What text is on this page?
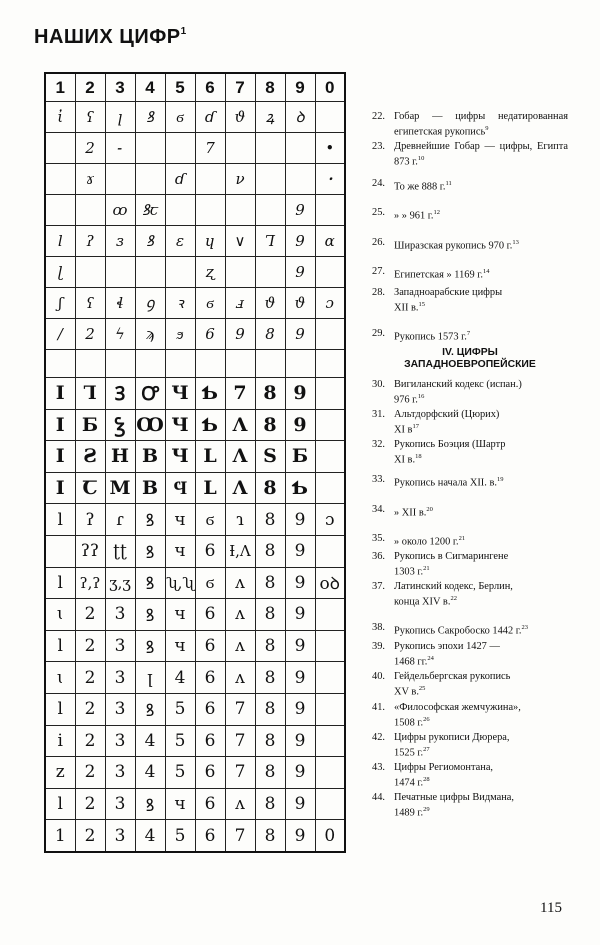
НАШИХ ЦИФР$^1$
1	2	3	4	5	6	7	8	9	0
ἰ	ʕ	ꞁ	ꝸ	ϭ	ɗ	ϑ	ꝝ	ꝺ	
	2	˗			7				•
	ɤ			ɗ		ν			ꞏ
		ꝏ	ꝸꞇ					9	
l	ʔ	ɜ	ꝸ	ɛ	ɥ	∨	Ꞁ	9	ɑ
ɭ					ʐ			9	
ʃ	ʕ	ɬ	ꝯ	ꝛ	ϭ	ⅎ	ϑ	ϑ	ɔ
/	2	ϟ	ϡ	ϧ	6	9	8	9	

I	Ꞁ	Ꝫ	Ꝍ	Ч	Ƅ	7	8	9	
I	Ƃ	Ꝣ	Ꝏ	Ч	Ƅ	Λ	8	9	
I	Ƨ	H	B	Ч	L	Λ	S	Ƃ	
I	Ꞇ	M	B	Ϥ	L	Λ	8	Ƅ	
l	ʔ	ɾ	ꝸ	ч	ϭ	ɿ	8	9	ɔ
	ʔʔ	ʈʈ	ꝸ	ч	6	Ɨ,Ʌ	8	9	
l	ʔ,ʔ	ʒ,ʒ	ꝸ	ʯ,ʯ	ϭ	ʌ	8	9	oꝺ
ɩ	2	3	ꝸ	ч	6	ʌ	8	9	
l	2	3	ꝸ	ч	6	ʌ	8	9	
ɩ	2	3	ꞁ	4	6	ʌ	8	9	
l	2	3	ꝸ	5	6	7	8	9	
i	2	3	4	5	6	7	8	9	
z	2	3	4	5	6	7	8	9	
l	2	3	ꝸ	ч	6	ʌ	8	9	
1	2	3	4	5	6	7	8	9	0
22. Гобар — цифры недатированная египетская рукопись$^9$
23. Древнейшие Гобар — цифры, Египта 873 г.$^{10}$
24. То же 888 г.$^{11}$
25. » » 961 г.$^{12}$
26. Ширазская рукопись 970 г.$^{13}$
27. Египетская » 1169 г.$^{14}$
28. Западноарабские цифры
XII в.$^{15}$
29. Рукопись 1573 г.$^7$
30. Вигиланский кодекс (испан.)
976 г.$^{16}$
31. Альтдорфский (Цюрих)
XI $в^{17}$
32. Рукопись Боэция (Шартр
XI в.$^{18}$
33. Рукопись начала XII. в.$^{19}$
34. » XII в.$^{20}$
35. » около 1200 г.$^{21}$
36. Рукопись в Сигмарингене
1303 г.$^{21}$
37. Латинский кодекс, Берлин,
конца XIV в.$^{22}$
38. Рукопись Сакробоско 1442 г.$^{23}$
39. Рукопись эпохи 1427 —
1468 гг.$^{24}$
40. Гейдельбергская рукопись
XV в.$^{25}$
41. «Философская жемчужина»,
1508 г.$^{26}$
42. Цифры рукописи Дюрера,
1525 г.$^{27}$
43. Цифры Региомонтана,
1474 г.$^{28}$
44. Печатные цифры Видмана,
1489 г.$^{29}$
IV. ЦИФРЫ
ЗАПАДНОЕВРОПЕЙСКИЕ
115
